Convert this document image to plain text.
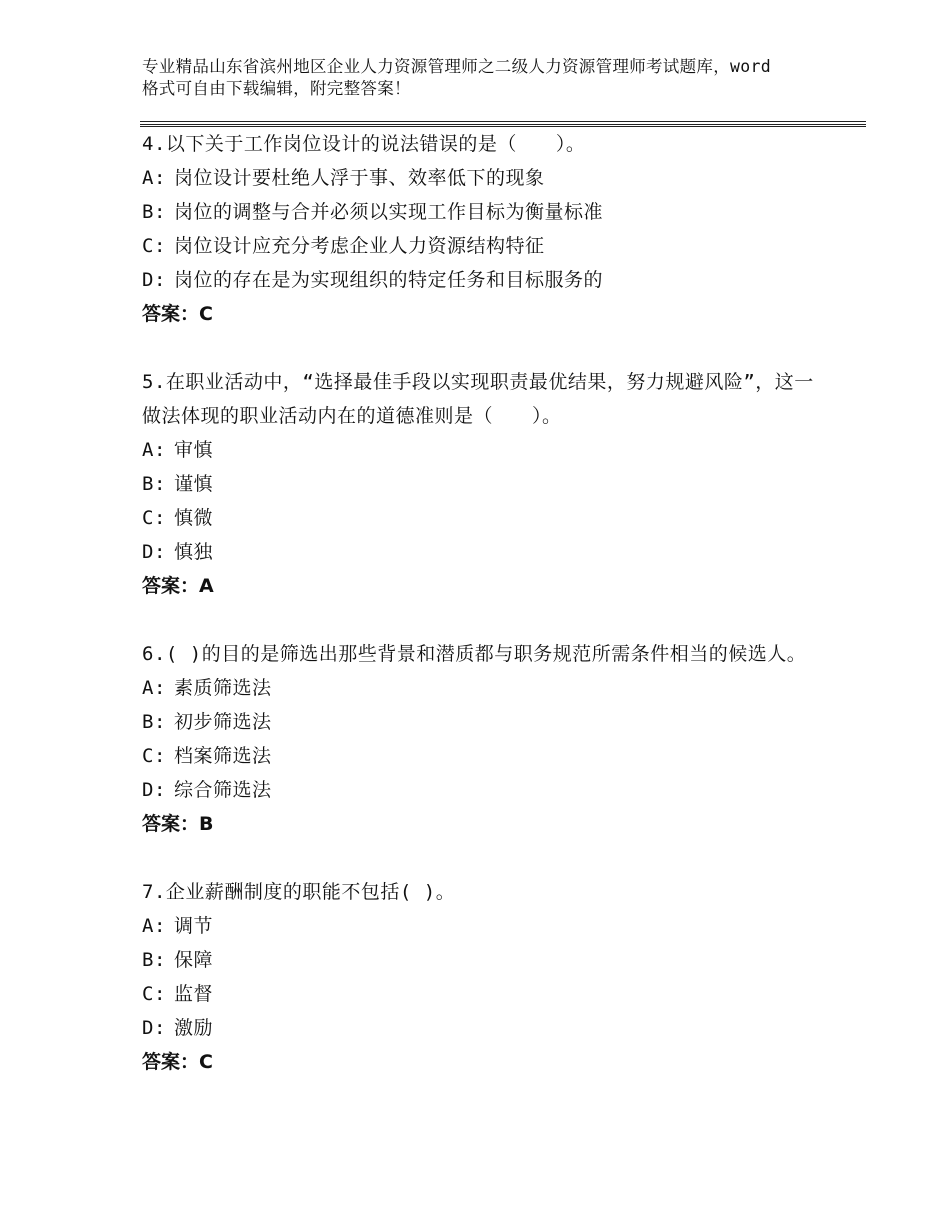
专业精品山东省滨州地区企业人力资源管理师之二级人力资源管理师考试题库，word格式可自由下载编辑，附完整答案！

4.以下关于工作岗位设计的说法错误的是（　　）。

A: 岗位设计要杜绝人浮于事、效率低下的现象

B: 岗位的调整与合并必须以实现工作目标为衡量标准

C: 岗位设计应充分考虑企业人力资源结构特征

D: 岗位的存在是为实现组织的特定任务和目标服务的

答案：C

5.在职业活动中，“选择最佳手段以实现职责最优结果，努力规避风险”，这一做法体现的职业活动内在的道德准则是（　　）。

A: 审慎

B: 谨慎

C: 慎微

D: 慎独

答案：A

6.( )的目的是筛选出那些背景和潜质都与职务规范所需条件相当的候选人。

A: 素质筛选法

B: 初步筛选法

C: 档案筛选法

D: 综合筛选法

答案：B

7.企业薪酬制度的职能不包括( )。

A: 调节

B: 保障

C: 监督

D: 激励

答案：C
